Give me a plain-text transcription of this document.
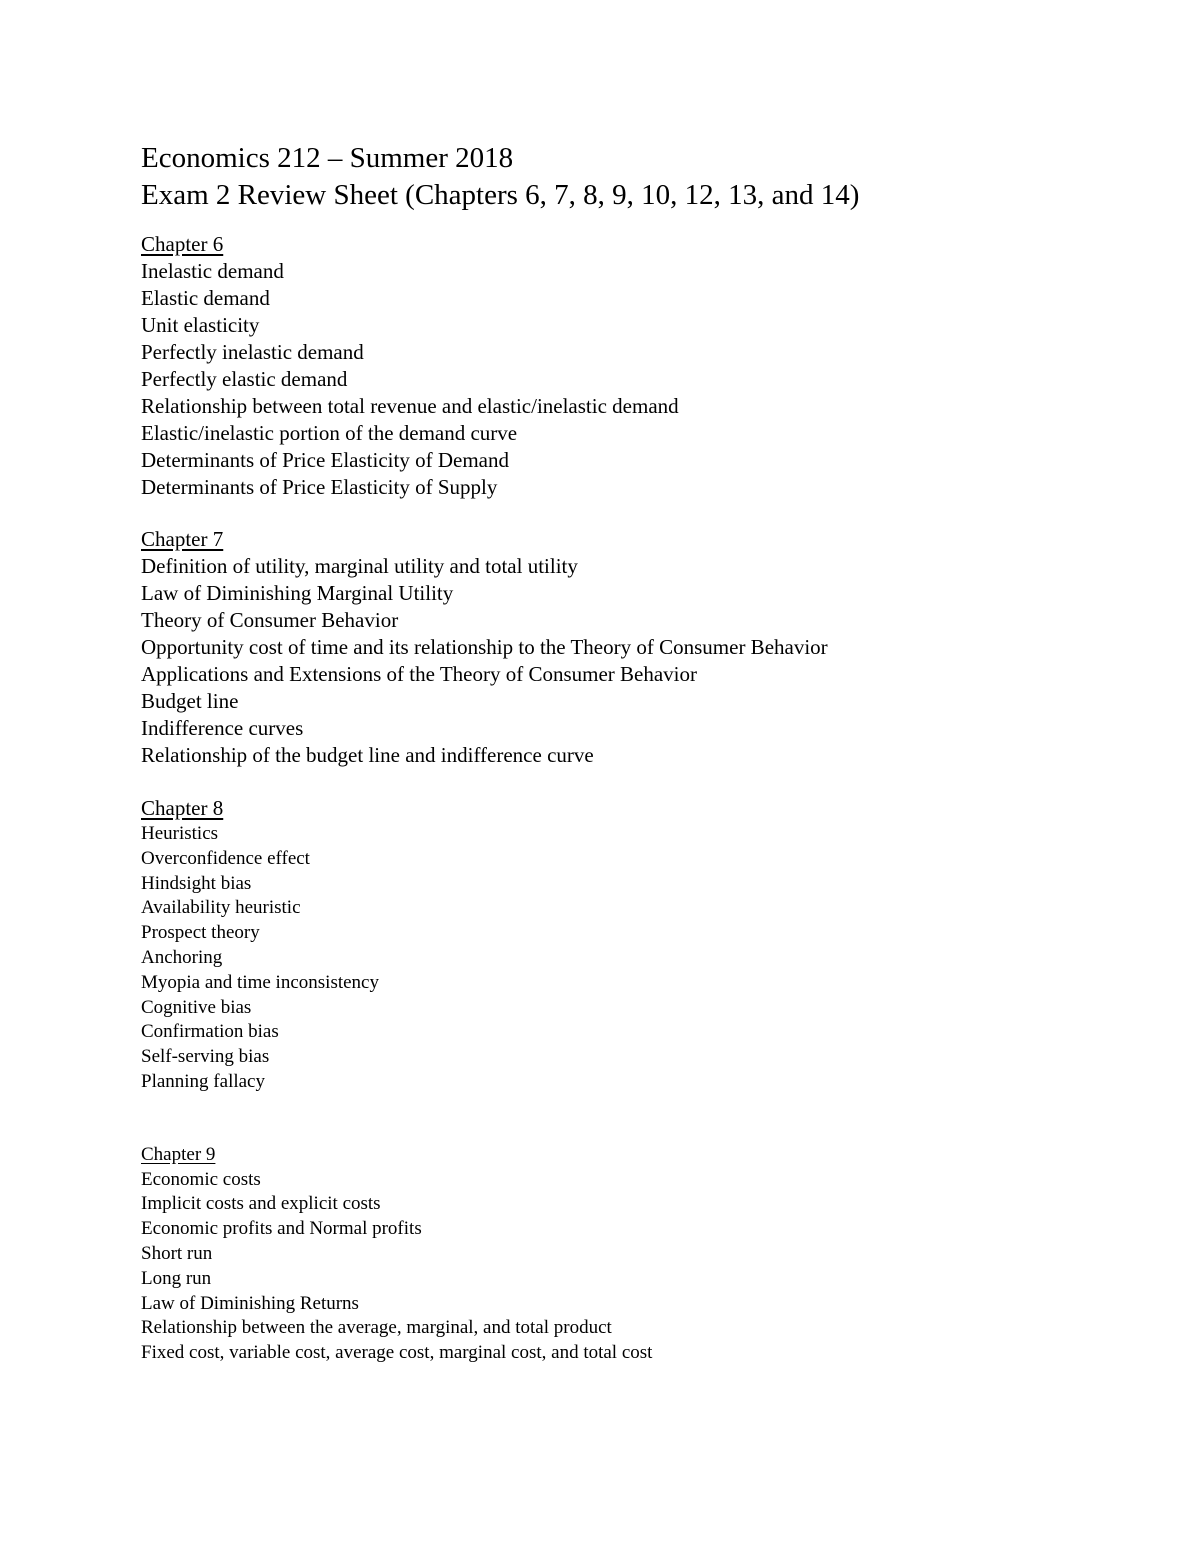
Economics 212 – Summer 2018
Exam 2 Review Sheet (Chapters 6, 7, 8, 9, 10, 12, 13, and 14)
Chapter 6
Inelastic demand
Elastic demand
Unit elasticity
Perfectly inelastic demand
Perfectly elastic demand
Relationship between total revenue and elastic/inelastic demand
Elastic/inelastic portion of the demand curve
Determinants of Price Elasticity of Demand
Determinants of Price Elasticity of Supply
Chapter 7
Definition of utility, marginal utility and total utility
Law of Diminishing Marginal Utility
Theory of Consumer Behavior
Opportunity cost of time and its relationship to the Theory of Consumer Behavior
Applications and Extensions of the Theory of Consumer Behavior
Budget line
Indifference curves
Relationship of the budget line and indifference curve
Chapter 8
Heuristics
Overconfidence effect
Hindsight bias
Availability heuristic
Prospect theory
Anchoring
Myopia and time inconsistency
Cognitive bias
Confirmation bias
Self-serving bias
Planning fallacy
Chapter 9
Economic costs
Implicit costs and explicit costs
Economic profits and Normal profits
Short run
Long run
Law of Diminishing Returns
Relationship between the average, marginal, and total product
Fixed cost, variable cost, average cost, marginal cost, and total cost
